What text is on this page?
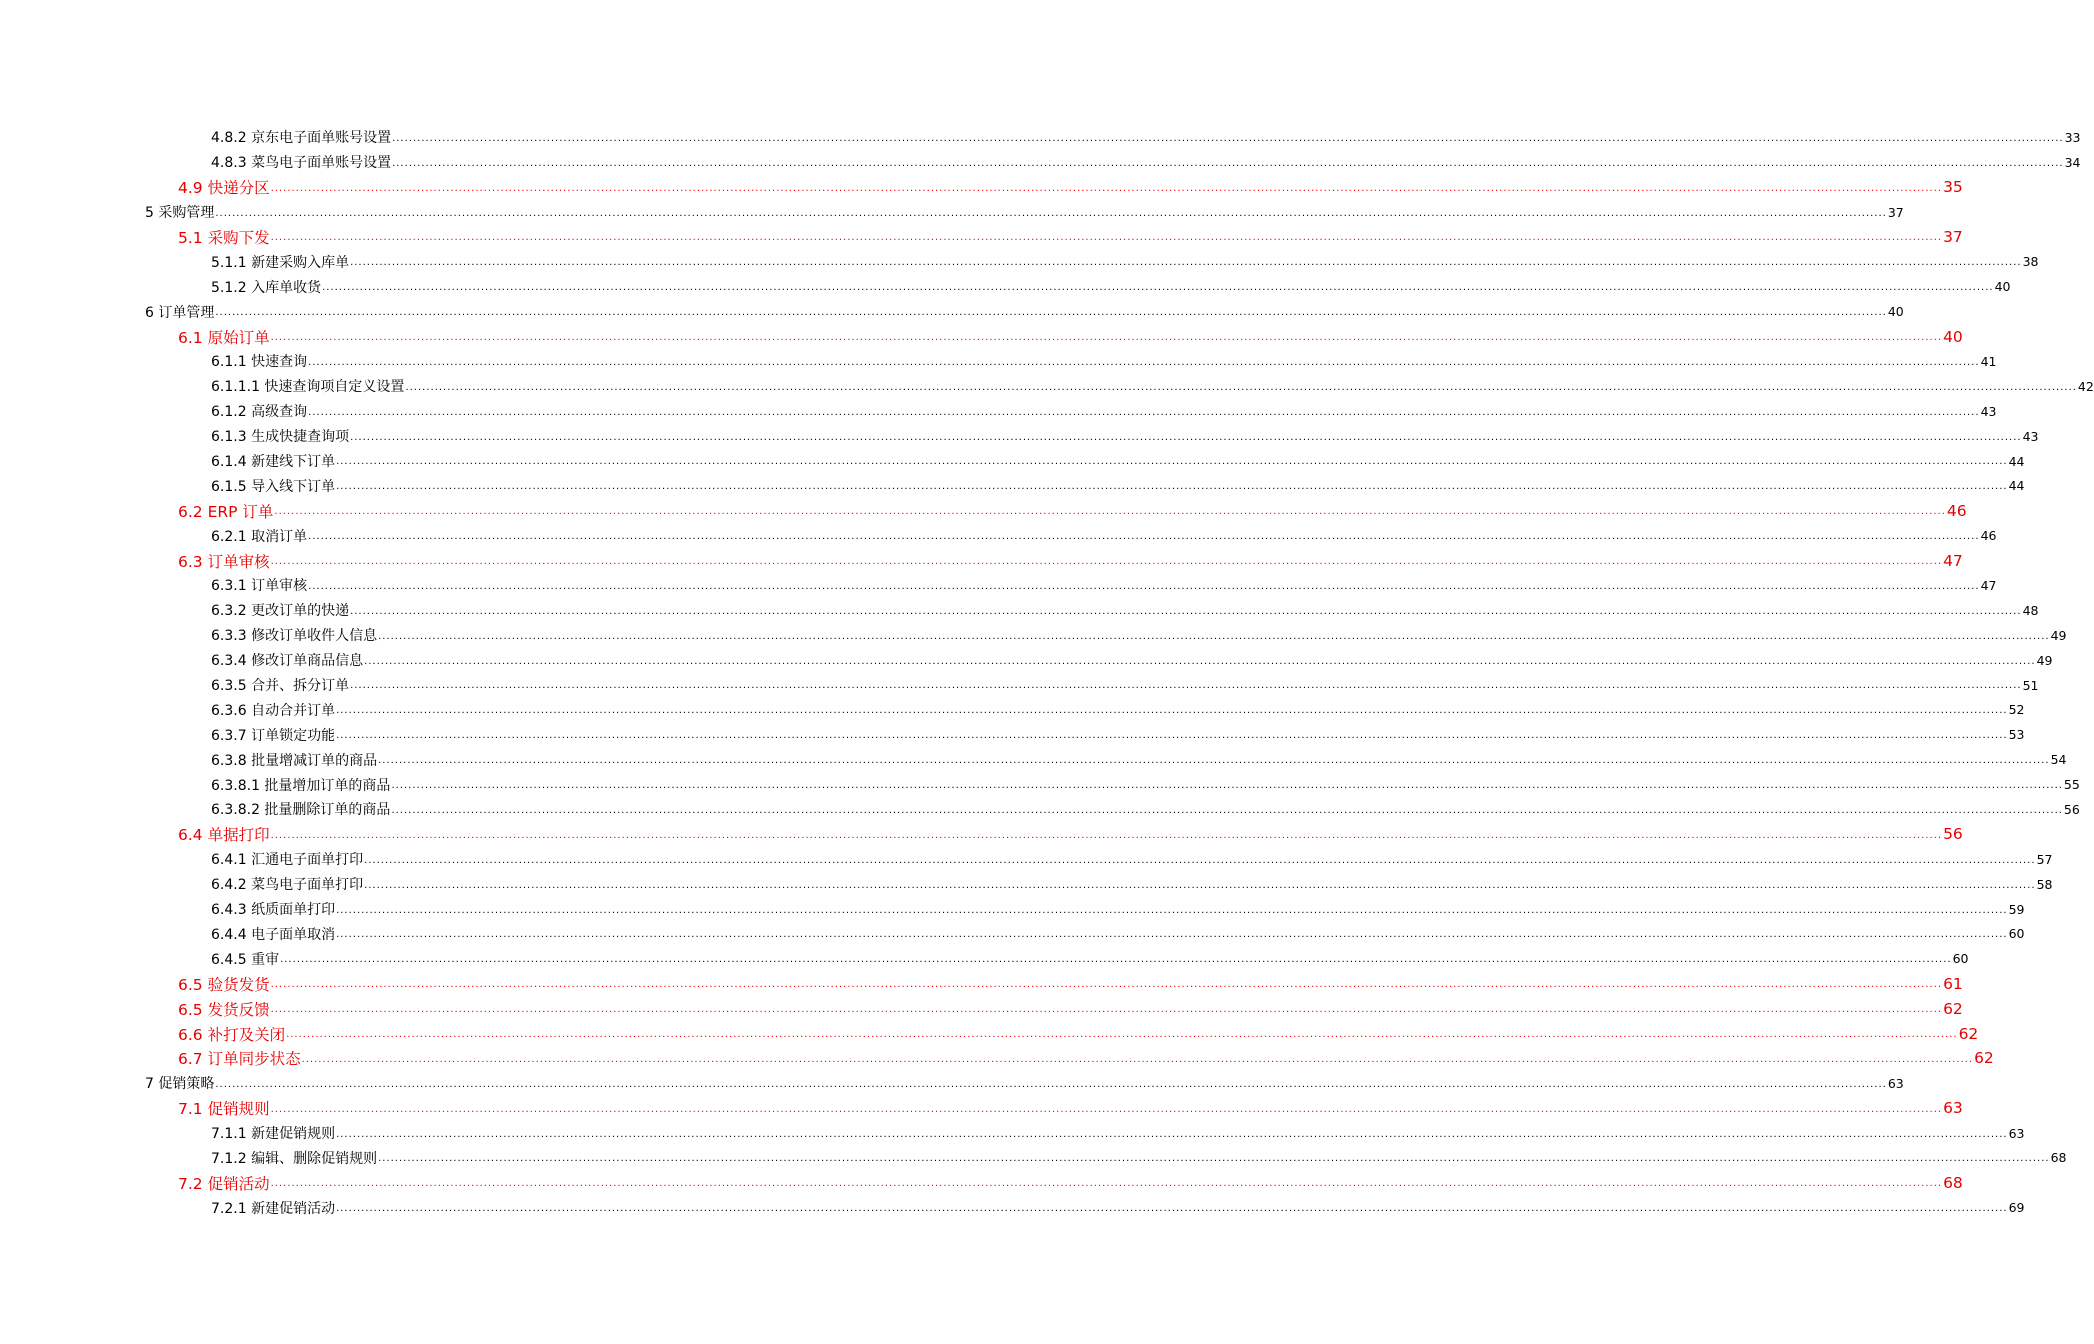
4.8.2 京东电子面单账号设置 ................................................................................................................................................................................................................................................................................................................................................................................................................ 33
4.8.3 菜鸟电子面单账号设置 ................................................................................................................................................................................................................................................................................................................................................................................................................ 34
4.9 快递分区 ................................................................................................................................................................................................................................................................................................................................................................................................................ 35
5 采购管理 ................................................................................................................................................................................................................................................................................................................................................................................................................ 37
5.1 采购下发 ................................................................................................................................................................................................................................................................................................................................................................................................................ 37
5.1.1 新建采购入库单 ................................................................................................................................................................................................................................................................................................................................................................................................................ 38
5.1.2 入库单收货 ................................................................................................................................................................................................................................................................................................................................................................................................................ 40
6 订单管理 ................................................................................................................................................................................................................................................................................................................................................................................................................ 40
6.1 原始订单 ................................................................................................................................................................................................................................................................................................................................................................................................................ 40
6.1.1 快速查询 ................................................................................................................................................................................................................................................................................................................................................................................................................ 41
6.1.1.1 快速查询项自定义设置 ................................................................................................................................................................................................................................................................................................................................................................................................................ 42
6.1.2 高级查询 ................................................................................................................................................................................................................................................................................................................................................................................................................ 43
6.1.3 生成快捷查询项 ................................................................................................................................................................................................................................................................................................................................................................................................................ 43
6.1.4 新建线下订单 ................................................................................................................................................................................................................................................................................................................................................................................................................ 44
6.1.5 导入线下订单 ................................................................................................................................................................................................................................................................................................................................................................................................................ 44
6.2 ERP 订单 ................................................................................................................................................................................................................................................................................................................................................................................................................ 46
6.2.1 取消订单 ................................................................................................................................................................................................................................................................................................................................................................................................................ 46
6.3 订单审核 ................................................................................................................................................................................................................................................................................................................................................................................................................ 47
6.3.1 订单审核 ................................................................................................................................................................................................................................................................................................................................................................................................................ 47
6.3.2 更改订单的快递 ................................................................................................................................................................................................................................................................................................................................................................................................................ 48
6.3.3 修改订单收件人信息 ................................................................................................................................................................................................................................................................................................................................................................................................................ 49
6.3.4 修改订单商品信息 ................................................................................................................................................................................................................................................................................................................................................................................................................ 49
6.3.5 合并、拆分订单 ................................................................................................................................................................................................................................................................................................................................................................................................................ 51
6.3.6 自动合并订单 ................................................................................................................................................................................................................................................................................................................................................................................................................ 52
6.3.7 订单锁定功能 ................................................................................................................................................................................................................................................................................................................................................................................................................ 53
6.3.8 批量增减订单的商品 ................................................................................................................................................................................................................................................................................................................................................................................................................ 54
6.3.8.1 批量增加订单的商品 ................................................................................................................................................................................................................................................................................................................................................................................................................ 55
6.3.8.2 批量删除订单的商品 ................................................................................................................................................................................................................................................................................................................................................................................................................ 56
6.4 单据打印 ................................................................................................................................................................................................................................................................................................................................................................................................................ 56
6.4.1 汇通电子面单打印 ................................................................................................................................................................................................................................................................................................................................................................................................................ 57
6.4.2 菜鸟电子面单打印 ................................................................................................................................................................................................................................................................................................................................................................................................................ 58
6.4.3 纸质面单打印 ................................................................................................................................................................................................................................................................................................................................................................................................................ 59
6.4.4 电子面单取消 ................................................................................................................................................................................................................................................................................................................................................................................................................ 60
6.4.5 重审 ................................................................................................................................................................................................................................................................................................................................................................................................................ 60
6.5 验货发货 ................................................................................................................................................................................................................................................................................................................................................................................................................ 61
6.5 发货反馈 ................................................................................................................................................................................................................................................................................................................................................................................................................ 62
6.6 补打及关闭 ................................................................................................................................................................................................................................................................................................................................................................................................................ 62
6.7 订单同步状态 ................................................................................................................................................................................................................................................................................................................................................................................................................ 62
7 促销策略 ................................................................................................................................................................................................................................................................................................................................................................................................................ 63
7.1 促销规则 ................................................................................................................................................................................................................................................................................................................................................................................................................ 63
7.1.1 新建促销规则 ................................................................................................................................................................................................................................................................................................................................................................................................................ 63
7.1.2 编辑、删除促销规则 ................................................................................................................................................................................................................................................................................................................................................................................................................ 68
7.2 促销活动 ................................................................................................................................................................................................................................................................................................................................................................................................................ 68
7.2.1 新建促销活动 ................................................................................................................................................................................................................................................................................................................................................................................................................ 69
